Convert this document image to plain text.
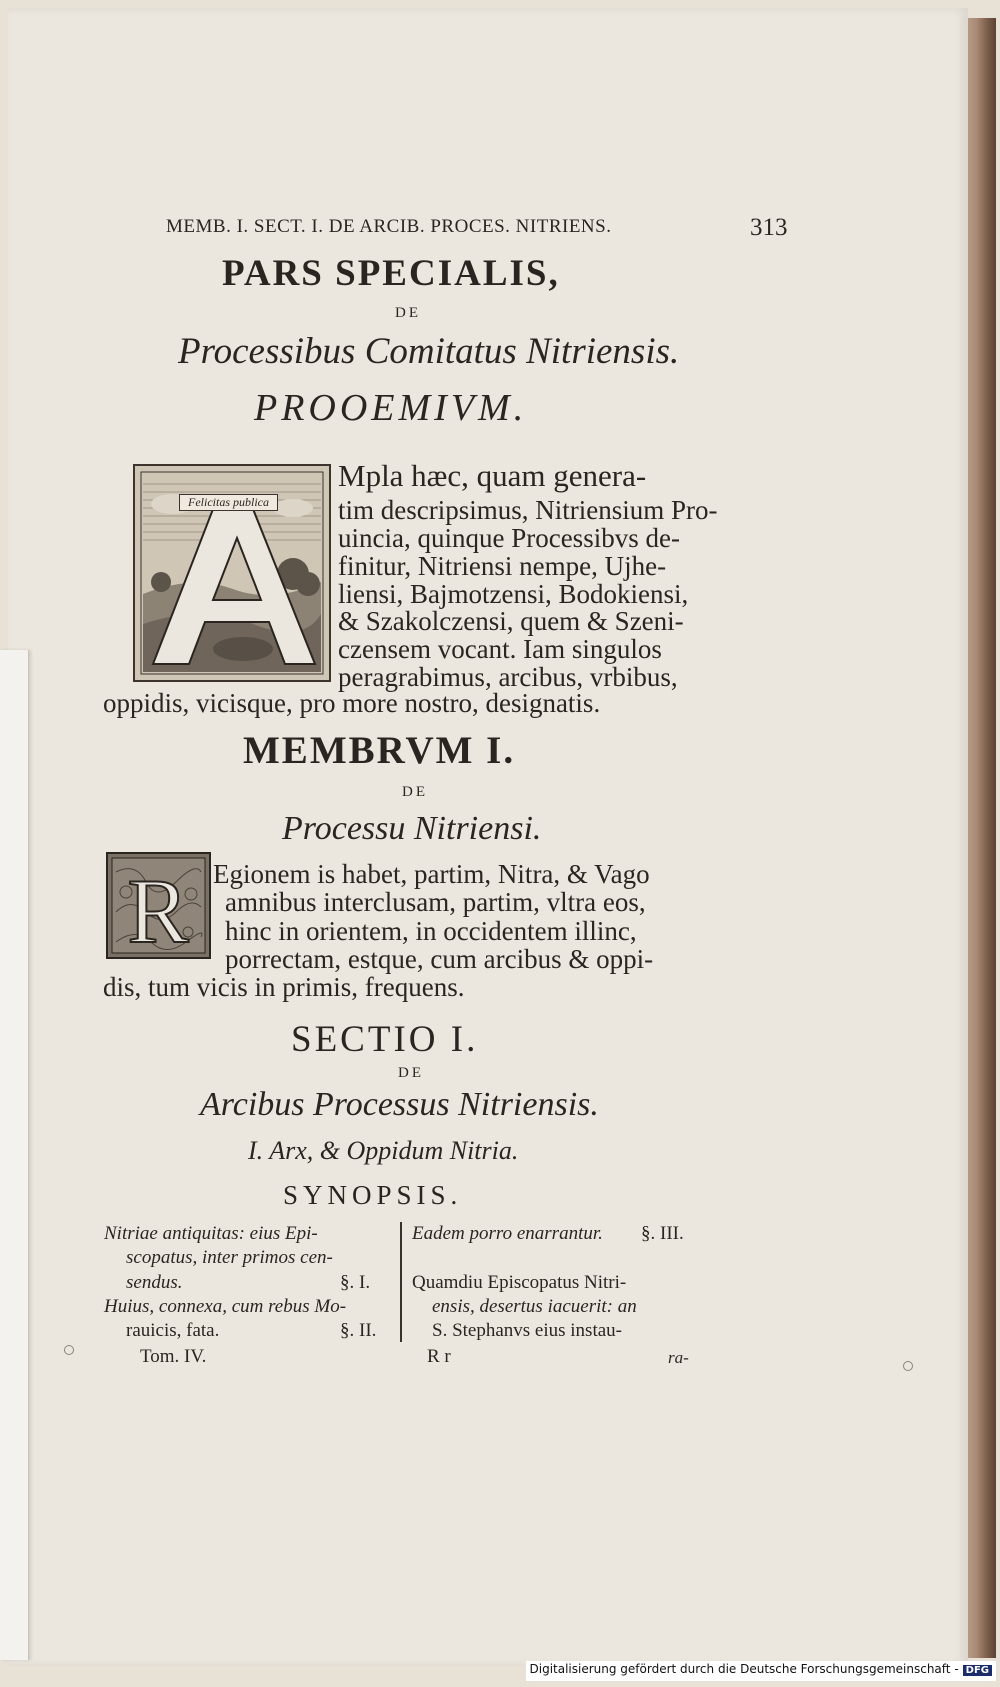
MEMB. I. SECT. I. DE ARCIB. PROCES. NITRIENS.	313
PARS SPECIALIS,
DE
Processibus Comitatus Nitriensis.
PROOEMIVM.
Felicitas publica
Mpla hæc, quam genera-
tim descripsimus, Nitriensium Pro-
uincia, quinque Processibvs de-
finitur, Nitriensi nempe, Ujhe-
liensi, Bajmotzensi, Bodokiensi,
& Szakolczensi, quem & Szeni-
czensem vocant. Iam singulos
peragrabimus, arcibus, vrbibus,
oppidis, vicisque, pro more nostro, designatis.
MEMBRVM I.
DE
Processu Nitriensi.
R Egionem is habet, partim, Nitra, & Vago
amnibus interclusam, partim, vltra eos,
hinc in orientem, in occidentem illinc,
porrectam, estque, cum arcibus & oppi-
dis, tum vicis in primis, frequens.
SECTIO I.
DE
Arcibus Processus Nitriensis.
I. Arx, & Oppidum Nitria.
SYNOPSIS.
Nitriae antiquitas: eius Epi-
scopatus, inter primos cen-
sendus.	§. I.
Huius, connexa, cum rebus Mo-
rauicis, fata.	§. II.
Eadem porro enarrantur. §. III.
Quamdiu Episcopatus Nitri-
ensis, desertus iacuerit: an
S. Stephanvs eius instau-
Tom. IV.	R r	ra-
Digitalisierung gefördert durch die Deutsche Forschungsgemeinschaft - DFG
